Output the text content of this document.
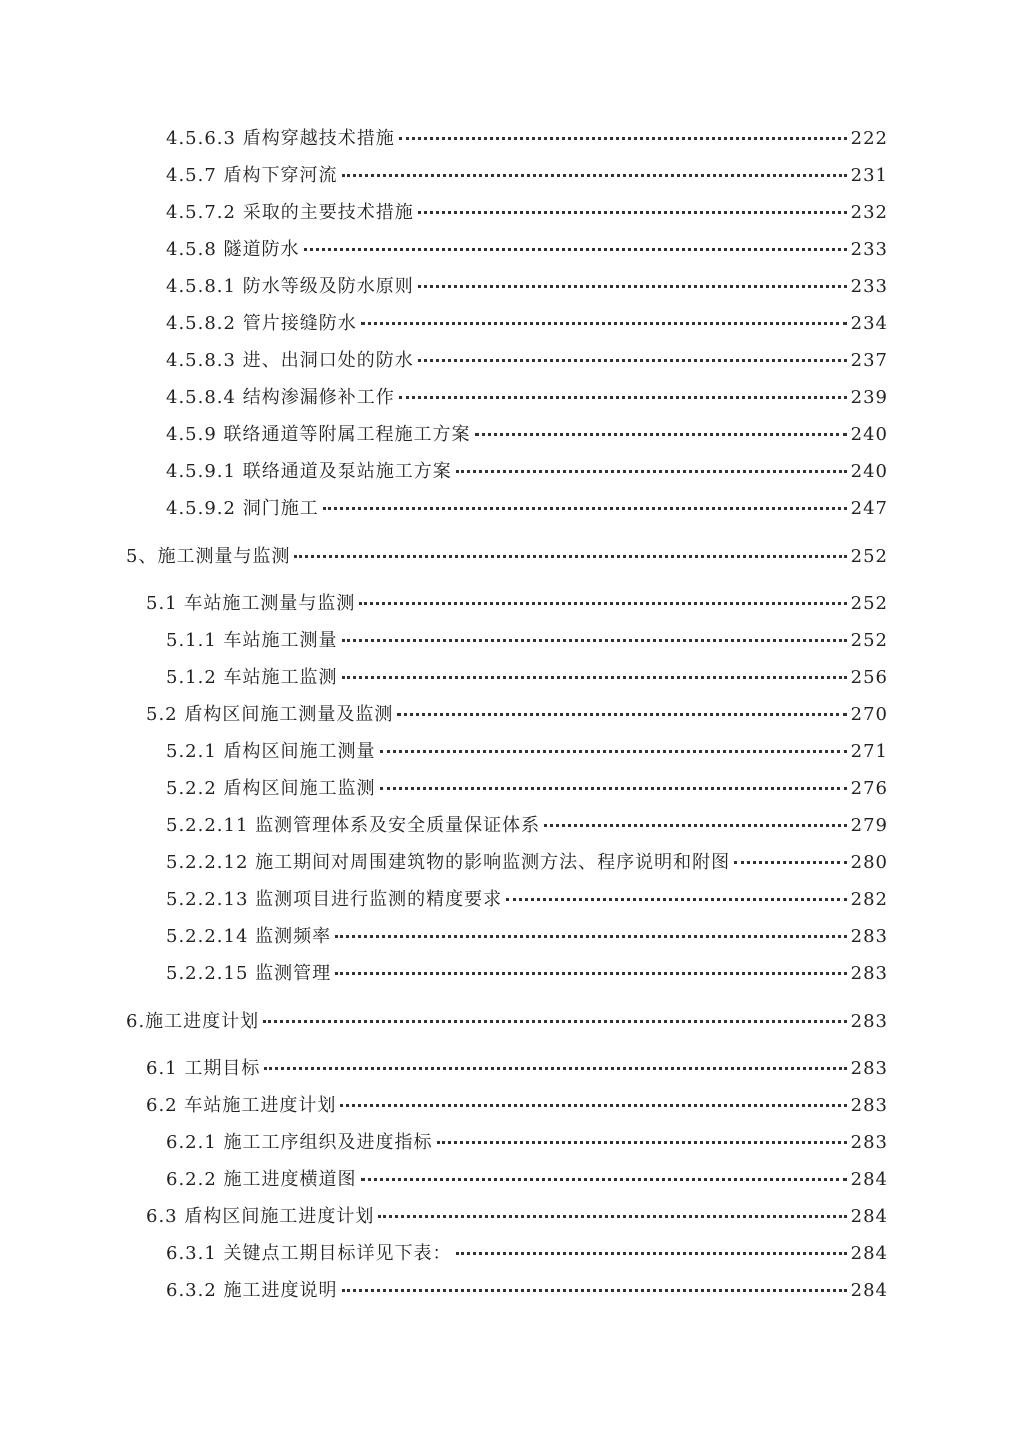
4.5.6.3 盾构穿越技术措施	222
4.5.7 盾构下穿河流	231
4.5.7.2 采取的主要技术措施	232
4.5.8 隧道防水	233
4.5.8.1 防水等级及防水原则	233
4.5.8.2 管片接缝防水	234
4.5.8.3 进、出洞口处的防水	237
4.5.8.4 结构渗漏修补工作	239
4.5.9 联络通道等附属工程施工方案	240
4.5.9.1 联络通道及泵站施工方案	240
4.5.9.2 洞门施工	247
5、施工测量与监测	252
5.1 车站施工测量与监测	252
5.1.1 车站施工测量	252
5.1.2 车站施工监测	256
5.2 盾构区间施工测量及监测	270
5.2.1 盾构区间施工测量	271
5.2.2 盾构区间施工监测	276
5.2.2.11 监测管理体系及安全质量保证体系	279
5.2.2.12 施工期间对周围建筑物的影响监测方法、程序说明和附图	280
5.2.2.13 监测项目进行监测的精度要求	282
5.2.2.14 监测频率	283
5.2.2.15 监测管理	283
6.施工进度计划	283
6.1 工期目标	283
6.2 车站施工进度计划	283
6.2.1 施工工序组织及进度指标	283
6.2.2 施工进度横道图	284
6.3 盾构区间施工进度计划	284
6.3.1 关键点工期目标详见下表：	284
6.3.2 施工进度说明	284
